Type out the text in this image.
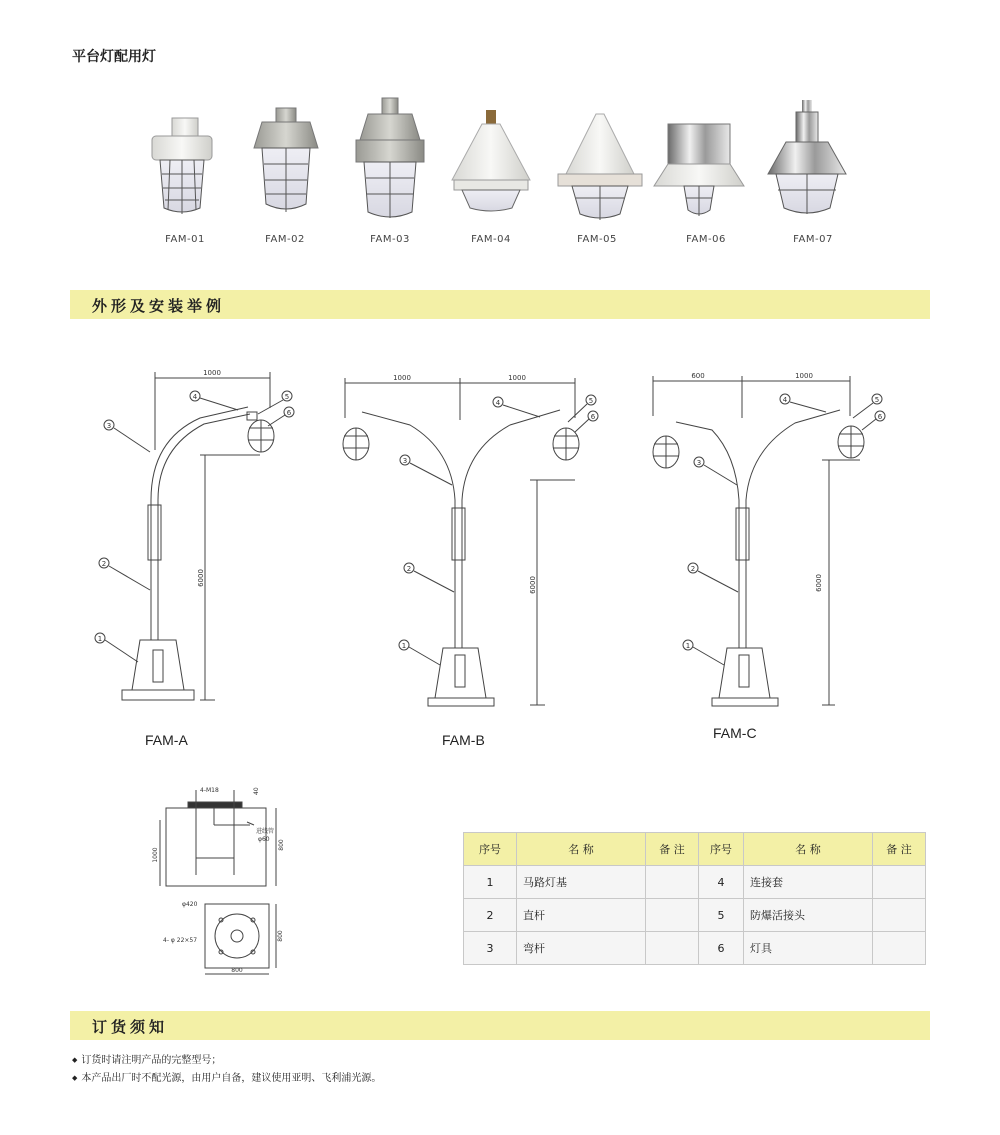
平台灯配用灯
FAM-01	FAM-02	FAM-03	FAM-04	FAM-05	FAM-06	FAM-07
外形及安装举例
1000
6000
1000	1000
6000
600	1000
6000
1
2
3
4	5
6
1
2
3
4	5
6
1
2
3
4	5
6
FAM-A	FAM-B	FAM-C
4-M18	40
进线管
φ60
1000
800
φ420
4- φ 22×57	800
800
序号	名 称	备 注	序号	名 称	备 注
1	马路灯基		4	连接套	
2	直杆		5	防爆活接头	
3	弯杆		6	灯具	
订货须知
◆ 订货时请注明产品的完整型号；
◆ 本产品出厂时不配光源，由用户自备，建议使用亚明、飞利浦光源。
